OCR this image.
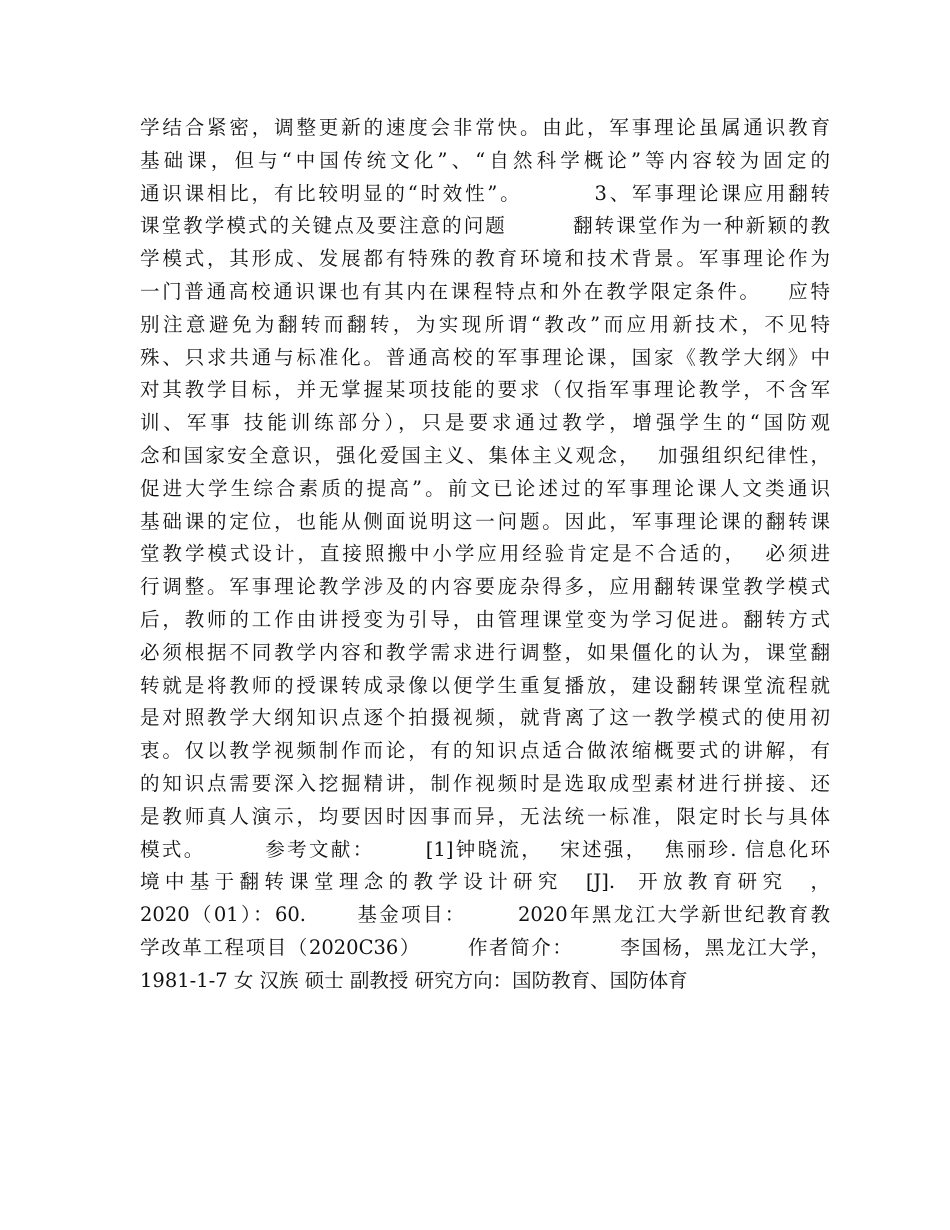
学结合紧密，调整更新的速度会非常快。由此，军事理论虽属通识教育
基础课，但与“中国传统文化”、“自然科学概论”等内容较为固定的
通识课相比，有比较明显的“时效性”。        3、军事理论课应用翻转
课堂教学模式的关键点及要注意的问题        翻转课堂作为一种新颖的教
学模式，其形成、发展都有特殊的教育环境和技术背景。军事理论作为
一门普通高校通识课也有其内在课程特点和外在教学限定条件。   应特
别注意避免为翻转而翻转，为实现所谓“教改”而应用新技术，不见特
殊、只求共通与标准化。普通高校的军事理论课，国家《教学大纲》中
对其教学目标，并无掌握某项技能的要求（仅指军事理论教学，不含军
训、军事 技能训练部分），只是要求通过教学，增强学生的“国防观
念和国家安全意识，强化爱国主义、集体主义观念，  加强组织纪律性，
促进大学生综合素质的提高”。前文已论述过的军事理论课人文类通识
基础课的定位，也能从侧面说明这一问题。因此，军事理论课的翻转课
堂教学模式设计，直接照搬中小学应用经验肯定是不合适的，  必须进
行调整。军事理论教学涉及的内容要庞杂得多，应用翻转课堂教学模式
后，教师的工作由讲授变为引导，由管理课堂变为学习促进。翻转方式
必须根据不同教学内容和教学需求进行调整，如果僵化的认为，课堂翻
转就是将教师的授课转成录像以便学生重复播放，建设翻转课堂流程就
是对照教学大纲知识点逐个拍摄视频，就背离了这一教学模式的使用初
衷。仅以教学视频制作而论，有的知识点适合做浓缩概要式的讲解，有
的知识点需要深入挖掘精讲，制作视频时是选取成型素材进行拼接、还
是教师真人演示，均要因时因事而异，无法统一标准，限定时长与具体
模式。       参考文献：      [1]钟晓流，  宋述强，  焦丽珍. 信息化环
境中基于翻转课堂理念的教学设计研究  [J].  开放教育研究  ，
2020（01）：60.      基金项目：      2020年黑龙江大学新世纪教育教
学改革工程项目（2020C36）      作者简介：      李国杨，黑龙江大学，
1981-1-7 女 汉族 硕士 副教授 研究方向：国防教育、国防体育
